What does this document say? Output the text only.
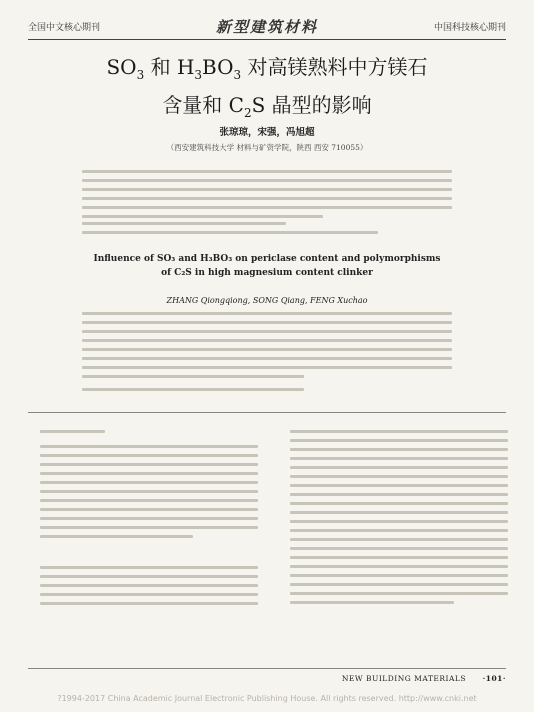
全国中文核心期刊	新型建筑材料	中国科技核心期刊
$SO_3$ 和 $H_3BO_3$ 对高镁熟料中方镁石
含量和 $C_2S$ 晶型的影响
张琼琼，宋强，冯旭超
（西安建筑科技大学 材料与矿资学院，陕西 西安 710055）
Influence of SO₃ and H₃BO₃ on periclase content and polymorphisms
of C₂S in high magnesium content clinker
ZHANG Qiongqiong, SONG Qiang, FENG Xuchao
NEW BUILDING MATERIALS ·101·
?1994-2017 China Academic Journal Electronic Publishing House. All rights reserved. http://www.cnki.net
